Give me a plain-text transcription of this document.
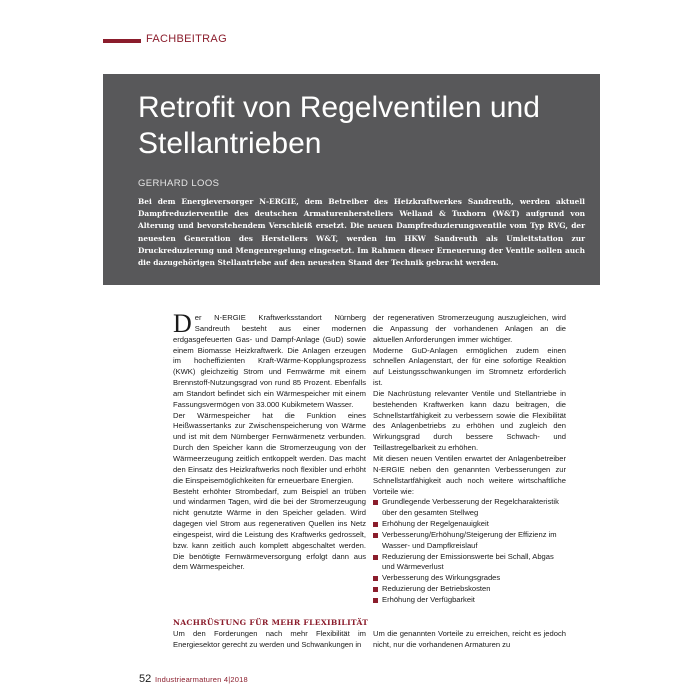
FACHBEITRAG
Retrofit von Regelventilen und Stellantrieben
GERHARD LOOS
Bei dem Energieversorger N-ERGIE, dem Betreiber des Heizkraftwerkes Sandreuth, werden aktuell Dampfreduzierventile des deutschen Armaturenherstellers Welland & Tuxhorn (W&T) aufgrund von Alterung und bevorstehendem Verschleiß ersetzt. Die neuen Dampfreduzierungsventile vom Typ RVG, der neuesten Generation des Herstellers W&T, werden im HKW Sandreuth als Umleitstation zur Druckreduzierung und Mengenregelung eingesetzt. Im Rahmen dieser Erneuerung der Ventile sollen auch die dazugehörigen Stellantriebe auf den neuesten Stand der Technik gebracht werden.

Der N-ERGIE Kraftwerksstandort Nürnberg Sandreuth besteht aus einer modernen erdgasgefeuerten Gas- und Dampf-Anlage (GuD) sowie einem Biomasse Heizkraftwerk. Die Anlagen erzeugen im hocheffizienten Kraft-Wärme-Kopplungsprozess (KWK) gleichzeitig Strom und Fernwärme mit einem Brennstoff-Nutzungsgrad von rund 85 Prozent. Ebenfalls am Standort befindet sich ein Wärmespeicher mit einem Fassungsvermögen von 33.000 Kubikmetern Wasser.

Der Wärmespeicher hat die Funktion eines Heißwassertanks zur Zwischenspeicherung von Wärme und ist mit dem Nürnberger Fernwärmenetz verbunden. Durch den Speicher kann die Stromerzeugung von der Wärmeerzeugung zeitlich entkoppelt werden. Das macht den Einsatz des Heizkraftwerks noch flexibler und erhöht die Einspeisemöglichkeiten für erneuerbare Energien.

Besteht erhöhter Strombedarf, zum Beispiel an trüben und windarmen Tagen, wird die bei der Stromerzeugung nicht genutzte Wärme in den Speicher geladen. Wird dagegen viel Strom aus regenerativen Quellen ins Netz eingespeist, wird die Leistung des Kraftwerks gedrosselt, bzw. kann zeitlich auch komplett abgeschaltet werden. Die benötigte Fernwärmeversorgung erfolgt dann aus dem Wärmespeicher.

NACHRÜSTUNG FÜR MEHR FLEXIBILITÄT

Um den Forderungen nach mehr Flexibilität im Energiesektor gerecht zu werden und Schwankungen in

der regenerativen Stromerzeugung auszugleichen, wird die Anpassung der vorhandenen Anlagen an die aktuellen Anforderungen immer wichtiger.

Moderne GuD-Anlagen ermöglichen zudem einen schnellen Anlagenstart, der für eine sofortige Reaktion auf Leistungsschwankungen im Stromnetz erforderlich ist.

Die Nachrüstung relevanter Ventile und Stellantriebe in bestehenden Kraftwerken kann dazu beitragen, die Schnellstartfähigkeit zu verbessern sowie die Flexibilität des Anlagenbetriebs zu erhöhen und zugleich den Wirkungsgrad durch bessere Schwach- und Teillastregelbarkeit zu erhöhen.

Mit diesen neuen Ventilen erwartet der Anlagenbetreiber N-ERGIE neben den genannten Verbesserungen zur Schnellstartfähigkeit auch noch weitere wirtschaftliche Vorteile wie:

Grundlegende Verbesserung der Regelcharakteristik über den gesamten Stellweg
Erhöhung der Regelgenauigkeit
Verbesserung/Erhöhung/Steigerung der Effizienz im Wasser- und Dampfkreislauf
Reduzierung der Emissionswerte bei Schall, Abgas und Wärmeverlust
Verbesserung des Wirkungsgrades
Reduzierung der Betriebskosten
Erhöhung der Verfügbarkeit

Um die genannten Vorteile zu erreichen, reicht es jedoch nicht, nur die vorhandenen Armaturen zu

52 Industriearmaturen 4|2018
